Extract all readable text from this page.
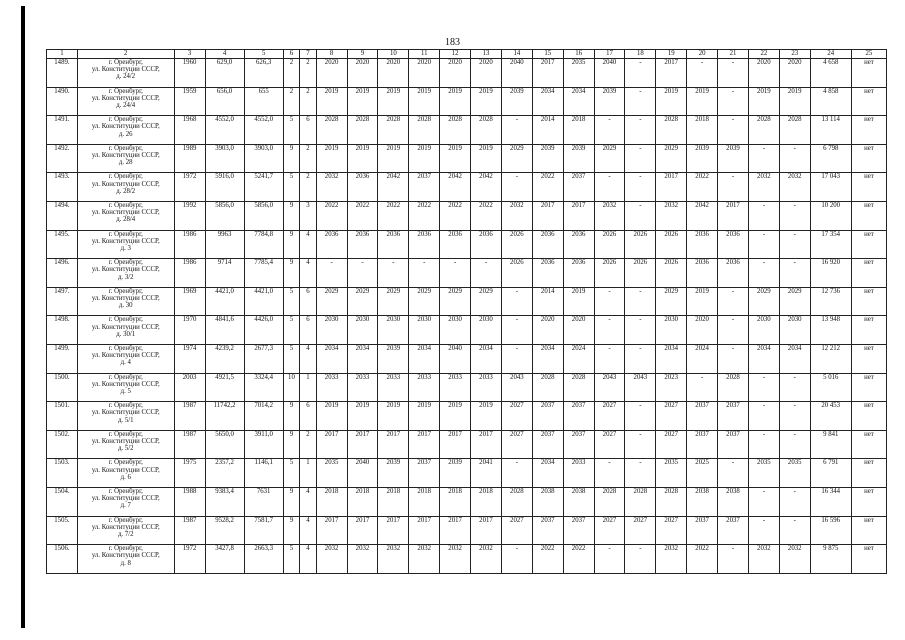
183
1	2	3	4	5	6	7	8	9	10	11	12	13	14	15	16	17	18	19	20	21	22	23	24	25
1489.	г. Оренбург,
ул. Конституции СССР,
д. 24/2	1960	629,0	626,3	2	2	2020	2020	2020	2020	2020	2020	2040	2017	2035	2040	-	2017	-	-	2020	2020	4 658	нет
1490.	г. Оренбург,
ул. Конституции СССР,
д. 24/4	1959	656,0	655	2	2	2019	2019	2019	2019	2019	2019	2039	2034	2034	2039	-	2019	2019	-	2019	2019	4 858	нет
1491.	г. Оренбург,
ул. Конституции СССР,
д. 26	1968	4552,0	4552,0	5	6	2028	2028	2028	2028	2028	2028	-	2014	2018	-	-	2028	2018	-	2028	2028	13 114	нет
1492.	г. Оренбург,
ул. Конституции СССР,
д. 28	1989	3903,0	3903,0	9	2	2019	2019	2019	2019	2019	2019	2029	2039	2039	2029	-	2029	2039	2039	-	-	6 798	нет
1493.	г. Оренбург,
ул. Конституции СССР,
д. 28/2	1972	5916,0	5241,7	5	2	2032	2036	2042	2037	2042	2042	-	2022	2037	-	-	2017	2022	-	2032	2032	17 043	нет
1494.	г. Оренбург,
ул. Конституции СССР,
д. 28/4	1992	5856,0	5856,0	9	3	2022	2022	2022	2022	2022	2022	2032	2017	2017	2032	-	2032	2042	2017	-	-	10 200	нет
1495.	г. Оренбург,
ул. Конституции СССР,
д. 3	1986	9963	7784,8	9	4	2036	2036	2036	2036	2036	2036	2026	2036	2036	2026	2026	2026	2036	2036	-	-	17 354	нет
1496.	г. Оренбург,
ул. Конституции СССР,
д. 3/2	1986	9714	7785,4	9	4	-	-	-	-	-	-	2026	2036	2036	2026	2026	2026	2036	2036	-	-	16 920	нет
1497.	г. Оренбург,
ул. Конституции СССР,
д. 30	1969	4421,0	4421,0	5	6	2029	2029	2029	2029	2029	2029	-	2014	2019	-	-	2029	2019	-	2029	2029	12 736	нет
1498.	г. Оренбург,
ул. Конституции СССР,
д. 30/1	1970	4841,6	4426,0	5	6	2030	2030	2030	2030	2030	2030	-	2020	2020	-	-	2030	2020	-	2030	2030	13 948	нет
1499.	г. Оренбург,
ул. Конституции СССР,
д. 4	1974	4239,2	2677,3	5	4	2034	2034	2039	2034	2040	2034	-	2034	2024	-	-	2034	2024	-	2034	2034	12 212	нет
1500.	г. Оренбург,
ул. Конституции СССР,
д. 5	2003	4921,5	3324,4	10	1	2033	2033	2033	2033	2033	2033	2043	2028	2028	2043	2043	2023	-	2028	-	-	5 016	нет
1501.	г. Оренбург,
ул. Конституции СССР,
д. 5/1	1987	11742,2	7014,2	9	6	2019	2019	2019	2019	2019	2019	2027	2037	2037	2027	-	2027	2037	2037	-	-	20 453	нет
1502.	г. Оренбург,
ул. Конституции СССР,
д. 5/2	1987	5650,0	3911,0	9	2	2017	2017	2017	2017	2017	2017	2027	2037	2037	2027	-	2027	2037	2037	-	-	9 841	нет
1503.	г. Оренбург,
ул. Конституции СССР,
д. 6	1975	2357,2	1146,1	5	1	2035	2040	2039	2037	2039	2041	-	2034	2033	-	-	2035	2025	-	2035	2035	6 791	нет
1504.	г. Оренбург,
ул. Конституции СССР,
д. 7	1988	9383,4	7631	9	4	2018	2018	2018	2018	2018	2018	2028	2038	2038	2028	2028	2028	2038	2038	-	-	16 344	нет
1505.	г. Оренбург,
ул. Конституции СССР,
д. 7/2	1987	9528,2	7581,7	9	4	2017	2017	2017	2017	2017	2017	2027	2037	2037	2027	2027	2027	2037	2037	-	-	16 596	нет
1506.	г. Оренбург,
ул. Конституции СССР,
д. 8	1972	3427,8	2663,3	5	4	2032	2032	2032	2032	2032	2032	-	2022	2022	-	-	2032	2022	-	2032	2032	9 875	нет
